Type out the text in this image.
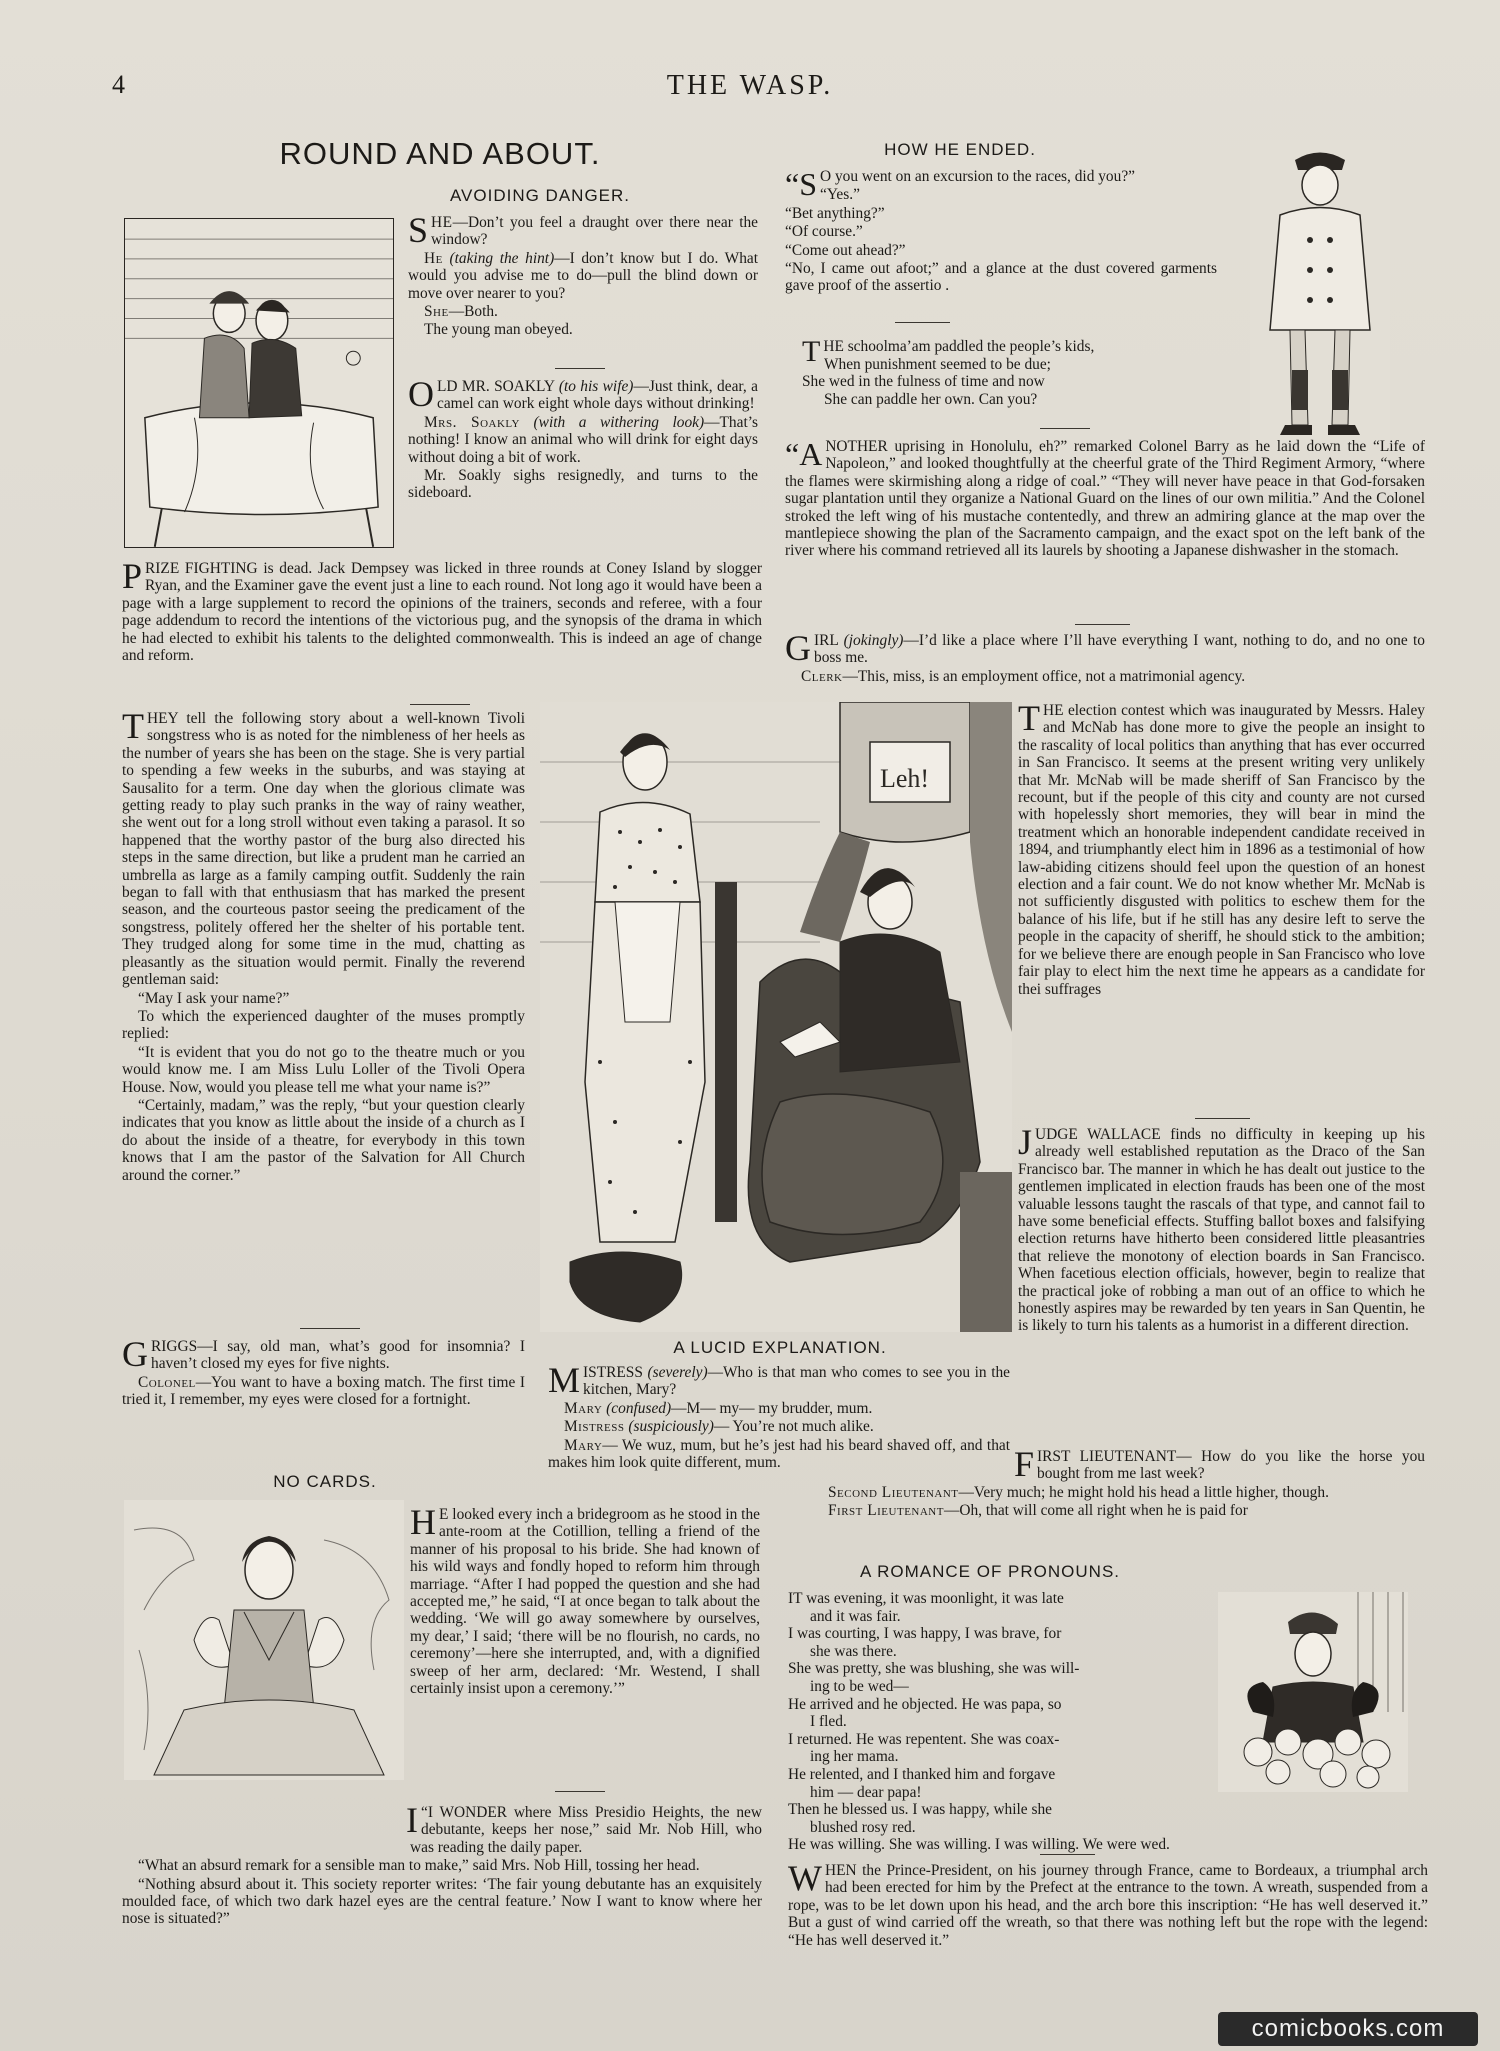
4	THE WASP.
ROUND AND ABOUT.
AVOIDING DANGER.

SHE—Don’t you feel a draught over there near the window?

He (taking the hint)—I don’t know but I do. What would you advise me to do—pull the blind down or move over nearer to you?

She—Both.

The young man obeyed.

OLD MR. SOAKLY (to his wife)—Just think, dear, a camel can work eight whole days without drinking!

Mrs. Soakly (with a withering look)—That’s nothing! I know an animal who will drink for eight days without doing a bit of work.

Mr. Soakly sighs resignedly, and turns to the sideboard.

PRIZE FIGHTING is dead. Jack Dempsey was licked in three rounds at Coney Island by slogger Ryan, and the Examiner gave the event just a line to each round. Not long ago it would have been a page with a large supplement to record the opinions of the trainers, seconds and referee, with a four page addendum to record the intentions of the victorious pug, and the synopsis of the drama in which he had elected to exhibit his talents to the delighted commonwealth. This is indeed an age of change and reform.

THEY tell the following story about a well-known Tivoli songstress who is as noted for the nimbleness of her heels as the number of years she has been on the stage. She is very partial to spending a few weeks in the suburbs, and was staying at Sausalito for a term. One day when the glorious climate was getting ready to play such pranks in the way of rainy weather, she went out for a long stroll without even taking a parasol. It so happened that the worthy pastor of the burg also directed his steps in the same direction, but like a prudent man he carried an umbrella as large as a family camping outfit. Suddenly the rain began to fall with that enthusiasm that has marked the present season, and the courteous pastor seeing the predicament of the songstress, politely offered her the shelter of his portable tent. They trudged along for some time in the mud, chatting as pleasantly as the situation would permit. Finally the reverend gentleman said:

“May I ask your name?”

To which the experienced daughter of the muses promptly replied:

“It is evident that you do not go to the theatre much or you would know me. I am Miss Lulu Loller of the Tivoli Opera House. Now, would you please tell me what your name is?”

“Certainly, madam,” was the reply, “but your question clearly indicates that you know as little about the inside of a church as I do about the inside of a theatre, for everybody in this town knows that I am the pastor of the Salvation for All Church around the corner.”

GRIGGS—I say, old man, what’s good for insomnia? I haven’t closed my eyes for five nights.

Colonel—You want to have a boxing match. The first time I tried it, I remember, my eyes were closed for a fortnight.

NO CARDS.

H E looked every inch a bridegroom as he stood in the ante-room at the Cotillion, telling a friend of the manner of his proposal to his bride. She had known of his wild ways and fondly hoped to reform him through marriage. “After I had popped the question and she had accepted me,” he said, “I at once began to talk about the wedding. ‘We will go away somewhere by ourselves, my dear,’ I said; ‘there will be no flourish, no cards, no ceremony’—here she interrupted, and, with a dignified sweep of her arm, declared: ‘Mr. Westend, I shall certainly insist upon a ceremony.’”

I “I WONDER where Miss Presidio Heights, the new debutante, keeps her nose,” said Mr. Nob Hill, who was reading the daily paper.

“What an absurd remark for a sensible man to make,” said Mrs. Nob Hill, tossing her head.

“Nothing absurd about it. This society reporter writes: ‘The fair young debutante has an exquisitely moulded face, of which two dark hazel eyes are the central feature.’ Now I want to know where her nose is situated?”

Leh!
A LUCID EXPLANATION.

MISTRESS (severely)—Who is that man who comes to see you in the kitchen, Mary?

Mary (confused)—M— my— my brudder, mum.

Mistress (suspiciously)— You’re not much alike.

Mary— We wuz, mum, but he’s jest had his beard shaved off, and that makes him look quite different, mum.

HOW HE ENDED.

“S O you went on an excursion to the races, did you?”

“Yes.”

“Bet anything?”

“Of course.”

“Come out ahead?”

“No, I came out afoot;” and a glance at the dust covered garments gave proof of the assertio .

THE schoolma’am paddled the people’s kids,
When punishment seemed to be due;
She wed in the fulness of time and now
She can paddle her own. Can you?

“ANOTHER uprising in Honolulu, eh?” remarked Colonel Barry as he laid down the “Life of Napoleon,” and looked thoughtfully at the cheerful grate of the Third Regiment Armory, “where the flames were skirmishing along a ridge of coal.” “They will never have peace in that God-forsaken sugar plantation until they organize a National Guard on the lines of our own militia.” And the Colonel stroked the left wing of his mustache contentedly, and threw an admiring glance at the map over the mantlepiece showing the plan of the Sacramento campaign, and the exact spot on the left bank of the river where his command retrieved all its laurels by shooting a Japanese dishwasher in the stomach.

GIRL (jokingly)—I’d like a place where I’ll have everything I want, nothing to do, and no one to boss me.

Clerk—This, miss, is an employment office, not a matrimonial agency.

THE election contest which was inaugurated by Messrs. Haley and McNab has done more to give the people an insight to the rascality of local politics than anything that has ever occurred in San Francisco. It seems at the present writing very unlikely that Mr. McNab will be made sheriff of San Francisco by the recount, but if the people of this city and county are not cursed with hopelessly short memories, they will bear in mind the treatment which an honorable independent candidate received in 1894, and triumphantly elect him in 1896 as a testimonial of how law-abiding citizens should feel upon the question of an honest election and a fair count. We do not know whether Mr. McNab is not sufficiently disgusted with politics to eschew them for the balance of his life, but if he still has any desire left to serve the people in the capacity of sheriff, he should stick to the ambition; for we believe there are enough people in San Francisco who love fair play to elect him the next time he appears as a candidate for thei suffrages

JUDGE WALLACE finds no difficulty in keeping up his already well established reputation as the Draco of the San Francisco bar. The manner in which he has dealt out justice to the gentlemen implicated in election frauds has been one of the most valuable lessons taught the rascals of that type, and cannot fail to have some beneficial effects. Stuffing ballot boxes and falsifying election returns have hitherto been considered little pleasantries that relieve the monotony of election boards in San Francisco. When facetious election officials, however, begin to realize that the practical joke of robbing a man out of an office to which he honestly aspires may be rewarded by ten years in San Quentin, he is likely to turn his talents as a humorist in a different direction.

FIRST LIEUTENANT— How do you like the horse you bought from me last week?

Second Lieutenant—Very much; he might hold his head a little higher, though.

First Lieutenant—Oh, that will come all right when he is paid for

A ROMANCE OF PRONOUNS.
IT was evening, it was moonlight, it was late
and it was fair.
I was courting, I was happy, I was brave, for
she was there.
She was pretty, she was blushing, she was will-
ing to be wed—
He arrived and he objected. He was papa, so
I fled.
I returned. He was repentent. She was coax-
ing her mama.
He relented, and I thanked him and forgave
him — dear papa!
Then he blessed us. I was happy, while she
blushed rosy red.
He was willing. She was willing. I was willing. We were wed.

WHEN the Prince-President, on his journey through France, came to Bordeaux, a triumphal arch had been erected for him by the Prefect at the entrance to the town. A wreath, suspended from a rope, was to be let down upon his head, and the arch bore this inscription: “He has well deserved it.” But a gust of wind carried off the wreath, so that there was nothing left but the rope with the legend: “He has well deserved it.”

comicbooks.com
